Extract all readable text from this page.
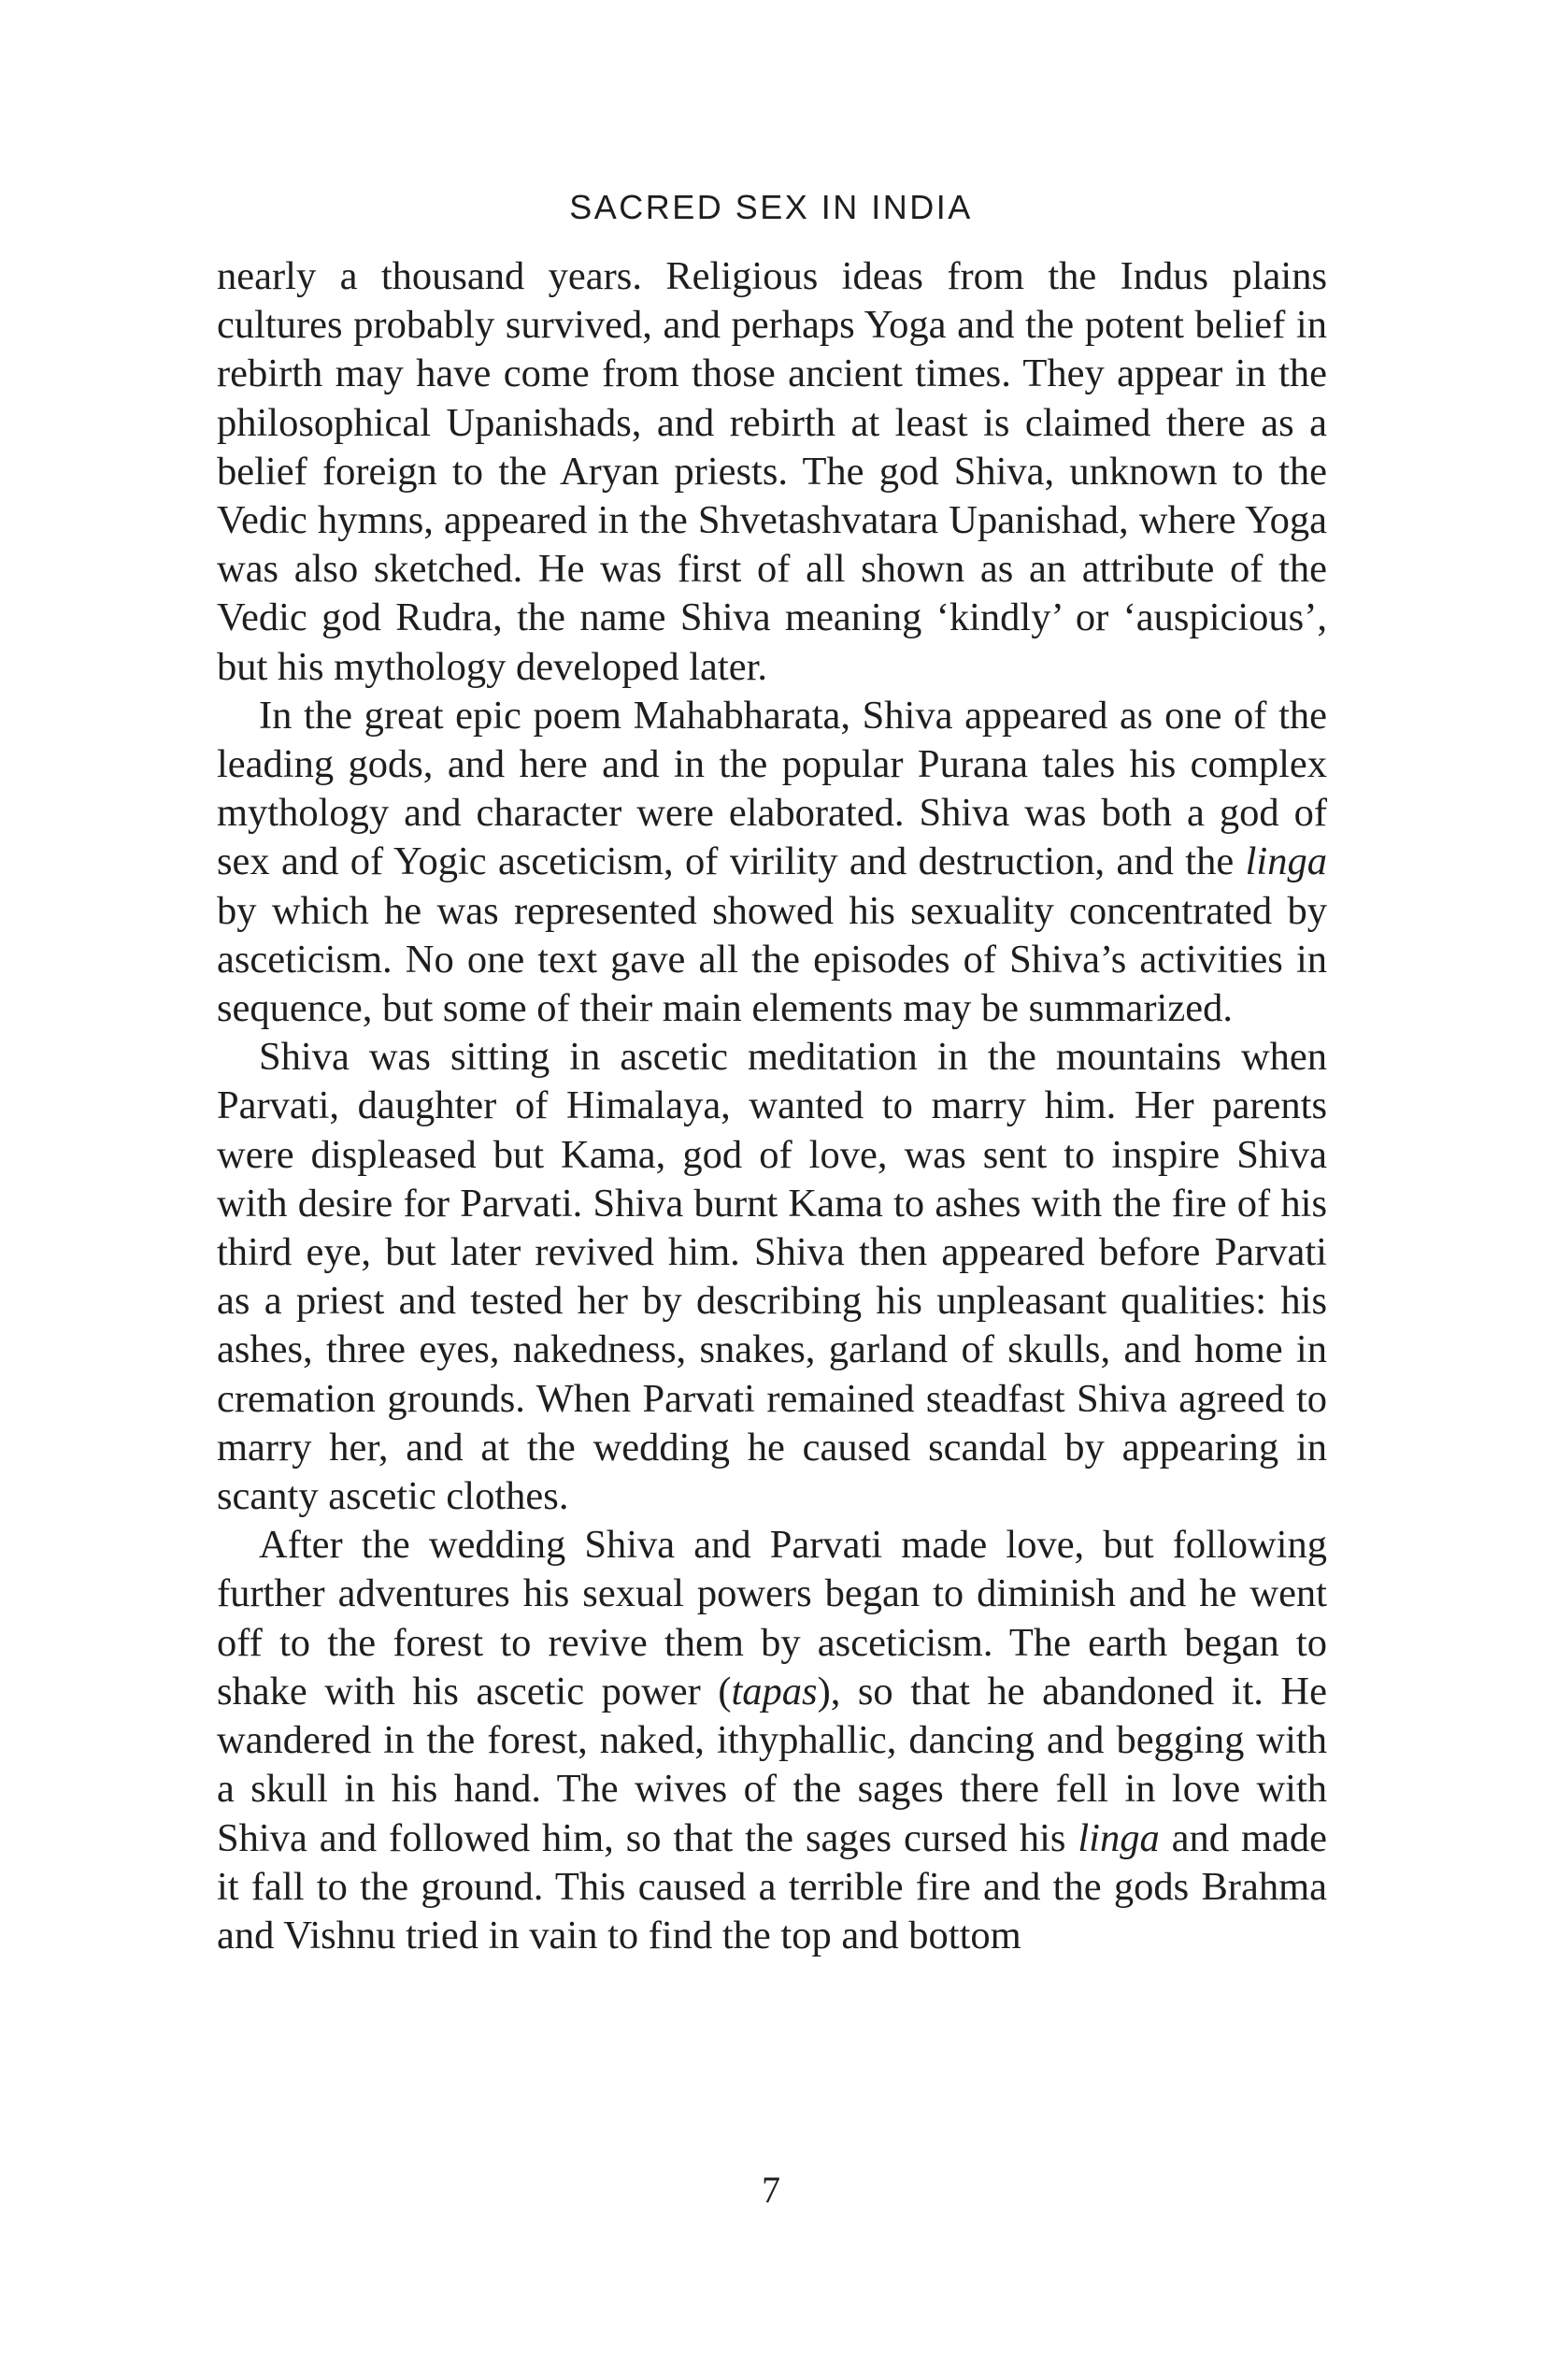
SACRED SEX IN INDIA

nearly a thousand years. Religious ideas from the Indus plains cultures probably survived, and perhaps Yoga and the potent belief in rebirth may have come from those ancient times. They appear in the philosophical Upanishads, and rebirth at least is claimed there as a belief foreign to the Aryan priests. The god Shiva, unknown to the Vedic hymns, appeared in the Shvetashvatara Upanishad, where Yoga was also sketched. He was first of all shown as an attribute of the Vedic god Rudra, the name Shiva meaning ‘kindly’ or ‘auspicious’, but his mythology developed later.

In the great epic poem Mahabharata, Shiva appeared as one of the leading gods, and here and in the popular Purana tales his complex mythology and character were elaborated. Shiva was both a god of sex and of Yogic asceticism, of virility and destruction, and the linga by which he was represented showed his sexuality concentrated by asceticism. No one text gave all the episodes of Shiva’s activities in sequence, but some of their main elements may be summarized.

Shiva was sitting in ascetic meditation in the mountains when Parvati, daughter of Himalaya, wanted to marry him. Her parents were displeased but Kama, god of love, was sent to inspire Shiva with desire for Parvati. Shiva burnt Kama to ashes with the fire of his third eye, but later revived him. Shiva then appeared before Parvati as a priest and tested her by describing his unpleasant qualities: his ashes, three eyes, nakedness, snakes, garland of skulls, and home in cremation grounds. When Parvati remained steadfast Shiva agreed to marry her, and at the wedding he caused scandal by appearing in scanty ascetic clothes.

After the wedding Shiva and Parvati made love, but following further adventures his sexual powers began to diminish and he went off to the forest to revive them by asceticism. The earth began to shake with his ascetic power (tapas), so that he abandoned it. He wandered in the forest, naked, ithyphallic, dancing and begging with a skull in his hand. The wives of the sages there fell in love with Shiva and followed him, so that the sages cursed his linga and made it fall to the ground. This caused a terrible fire and the gods Brahma and Vishnu tried in vain to find the top and bottom

7
